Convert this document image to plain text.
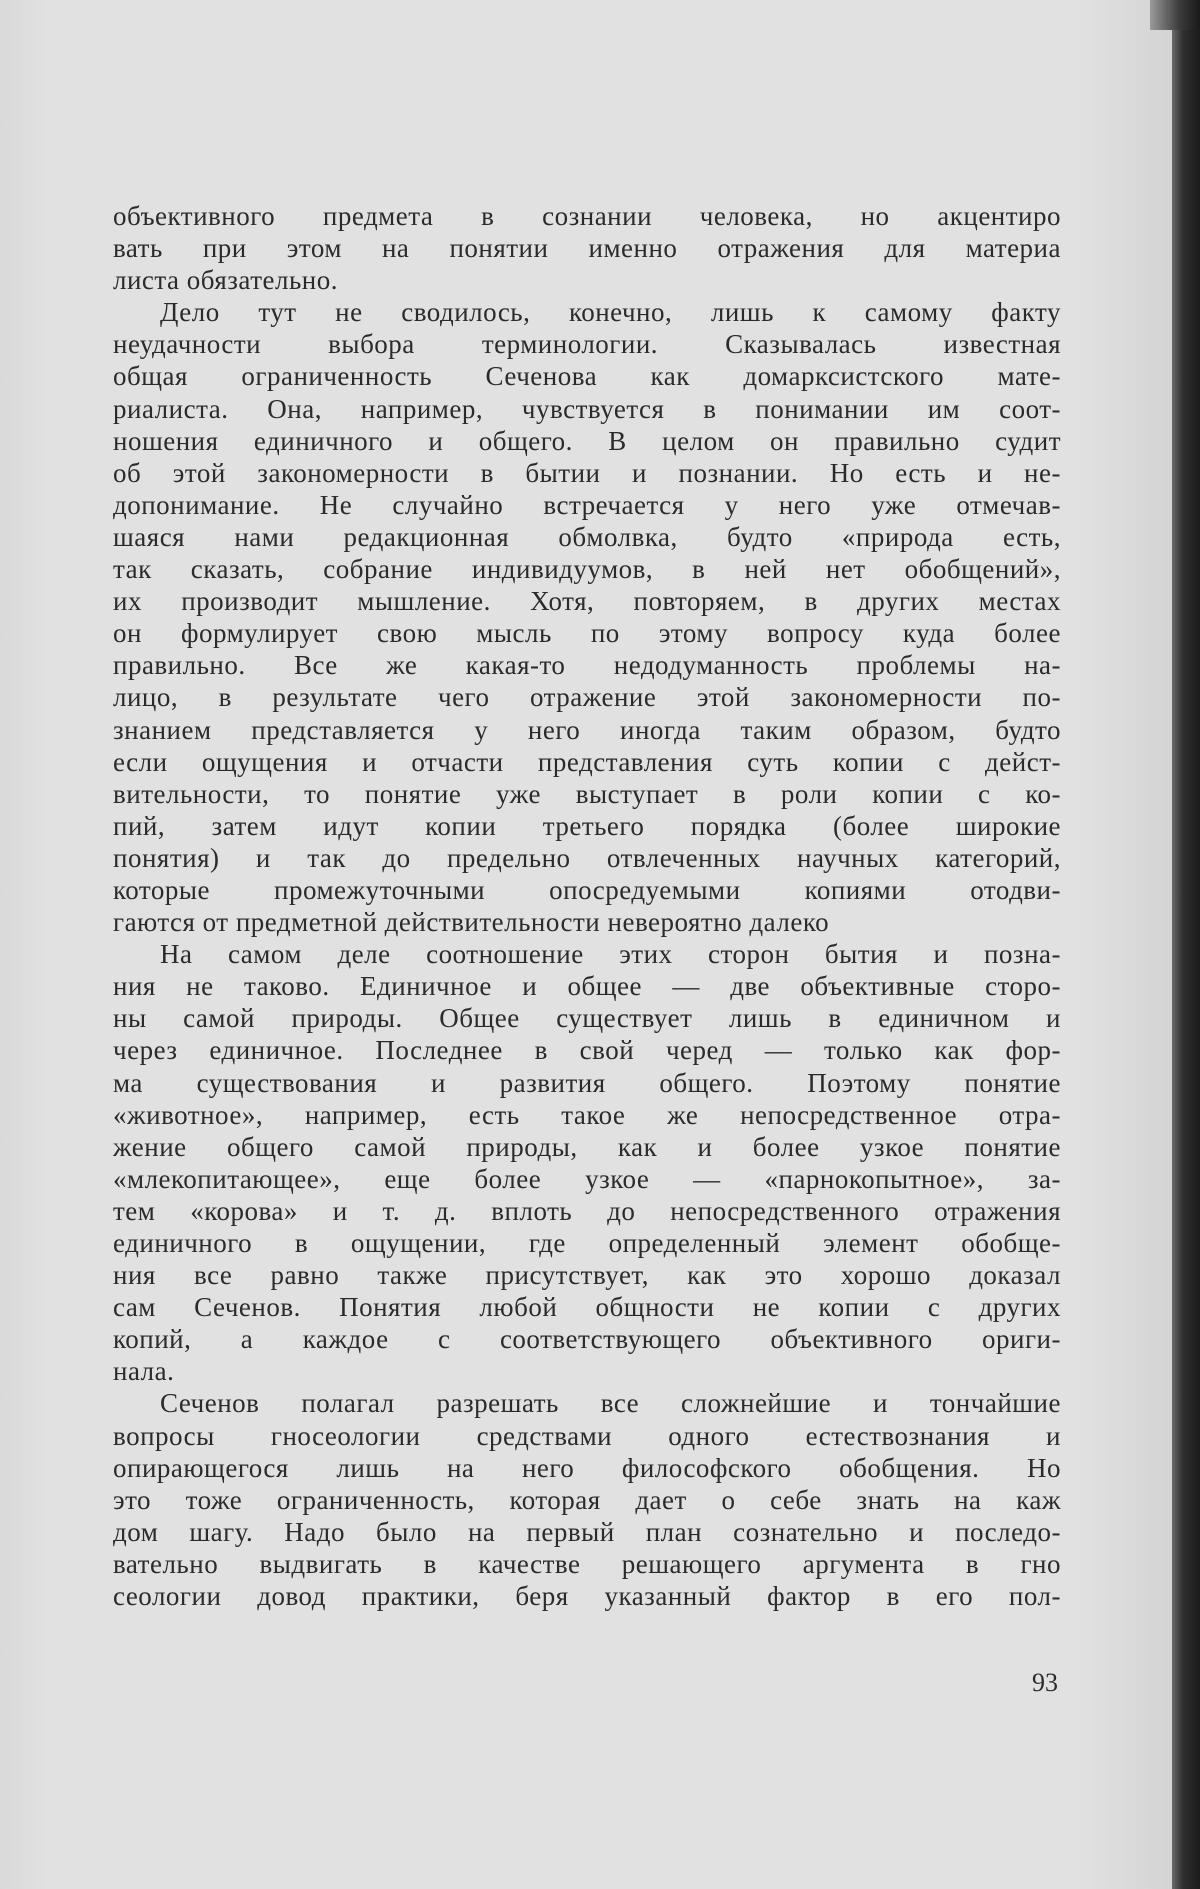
объективного предмета в сознании человека, но акцентиро
вать при этом на понятии именно отражения для материа
листа обязательно.
Дело тут не сводилось, конечно, лишь к самому факту
неудачности выбора терминологии. Сказывалась известная
общая ограниченность Сеченова как домарксистского мате-
риалиста. Она, например, чувствуется в понимании им соот-
ношения единичного и общего. В целом он правильно судит
об этой закономерности в бытии и познании. Но есть и не-
допонимание. Не случайно встречается у него уже отмечав-
шаяся нами редакционная обмолвка, будто «природа есть,
так сказать, собрание индивидуумов, в ней нет обобщений»,
их производит мышление. Хотя, повторяем, в других местах
он формулирует свою мысль по этому вопросу куда более
правильно. Все же какая-то недодуманность проблемы на-
лицо, в результате чего отражение этой закономерности по-
знанием представляется у него иногда таким образом, будто
если ощущения и отчасти представления суть копии с дейст-
вительности, то понятие уже выступает в роли копии с ко-
пий, затем идут копии третьего порядка (более широкие
понятия) и так до предельно отвлеченных научных категорий,
которые промежуточными опосредуемыми копиями отодви-
гаются от предметной действительности невероятно далеко
На самом деле соотношение этих сторон бытия и позна-
ния не таково. Единичное и общее — две объективные сторо-
ны самой природы. Общее существует лишь в единичном и
через единичное. Последнее в свой черед — только как фор-
ма существования и развития общего. Поэтому понятие
«животное», например, есть такое же непосредственное отра-
жение общего самой природы, как и более узкое понятие
«млекопитающее», еще более узкое — «парнокопытное», за-
тем «корова» и т. д. вплоть до непосредственного отражения
единичного в ощущении, где определенный элемент обобще-
ния все равно также присутствует, как это хорошо доказал
сам Сеченов. Понятия любой общности не копии с других
копий, а каждое с соответствующего объективного ориги-
нала.
Сеченов полагал разрешать все сложнейшие и тончайшие
вопросы гносеологии средствами одного естествознания и
опирающегося лишь на него философского обобщения. Но
это тоже ограниченность, которая дает о себе знать на каж
дом шагу. Надо было на первый план сознательно и последо-
вательно выдвигать в качестве решающего аргумента в гно
сеологии довод практики, беря указанный фактор в его пол-
93
